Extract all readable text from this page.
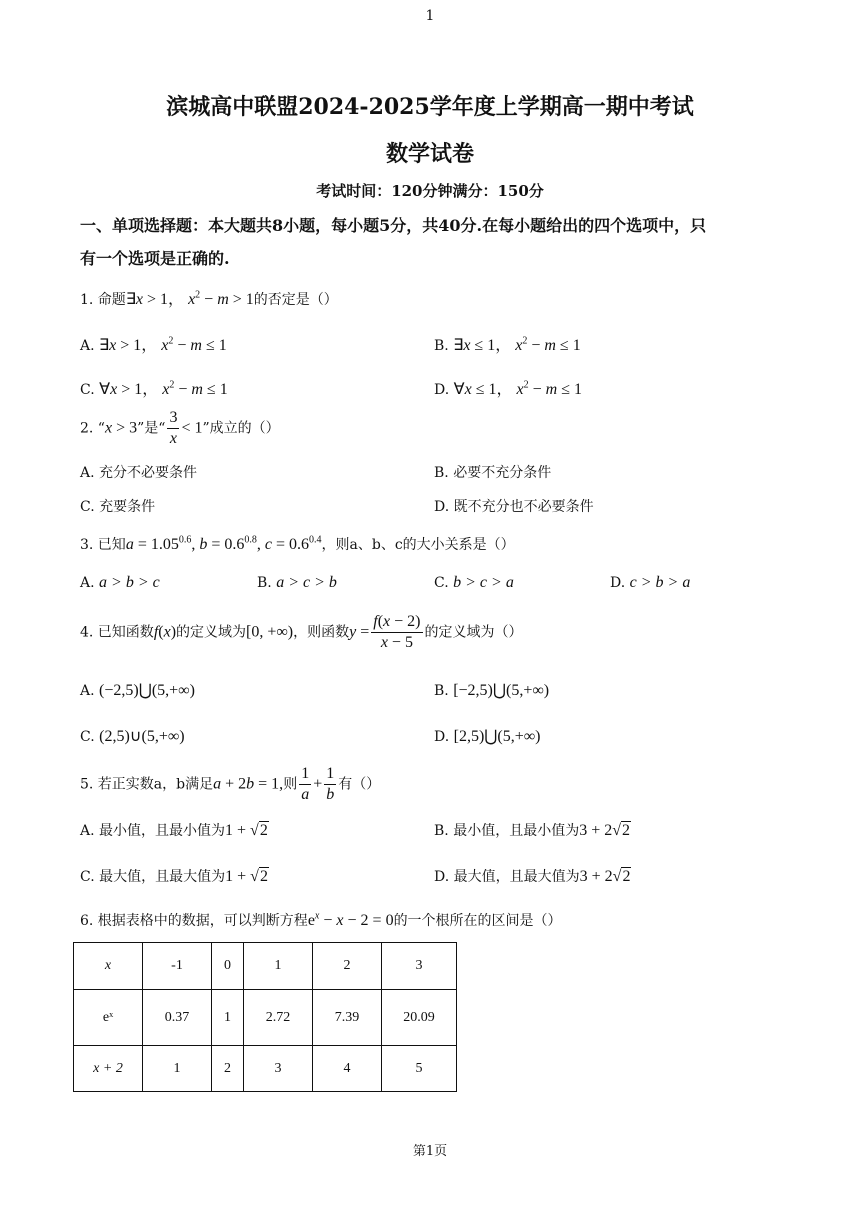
1
滨城高中联盟2024-2025学年度上学期高一期中考试
数学试卷
考试时间：120分钟满分：150分
一、单项选择题：本大题共8小题，每小题5分，共40分.在每小题给出的四个选项中，只
有一个选项是正确的.
1. 命题∃x > 1， $x^2 - m > 1$的否定是（）
A. ∃x > 1， $x^2 - m \le 1$	B. ∃x ≤ 1， $x^2 - m \le 1$
C. ∀x > 1， $x^2 - m \le 1$	D. ∀x ≤ 1， $x^2 - m \le 1$
2. “x > 3”是“ $\frac{3}{x} < 1$”成立的（）
A. 充分不必要条件	B. 必要不充分条件
C. 充要条件	D. 既不充分也不必要条件
3. 已知$a = 1.05^{0.6}$, $b = 0.6^{0.8}$, $c = 0.6^{0.4}$，则a、b、c的大小关系是（）
A. a > b > c	B. a > c > b	C. b > c > a	D. c > b > a
4. 已知函数f(x)的定义域为[0, +∞)，则函数$y = \frac{f(x - 2)}{x - 5}$ 的定义域为（）
A. (−2,5)⋃(5,+∞)	B. [−2,5)⋃(5,+∞)
C. (2,5)∪(5,+∞)	D. [2,5)⋃(5,+∞)
5. 若正实数a，b满足a + 2b = 1,则 $\frac{1}{a} + \frac{1}{b}$ 有（）
A. 最小值，且最小值为1 + √2	B. 最小值，且最小值为3 + 2√2
C. 最大值，且最大值为1 + √2	D. 最大值，且最大值为3 + 2√2
6. 根据表格中的数据，可以判断方程$e^x - x - 2 = 0$的一个根所在的区间是（）
x	-1	0	1	2	3
eˣ	0.37	1	2.72	7.39	20.09
x + 2	1	2	3	4	5
第1页
